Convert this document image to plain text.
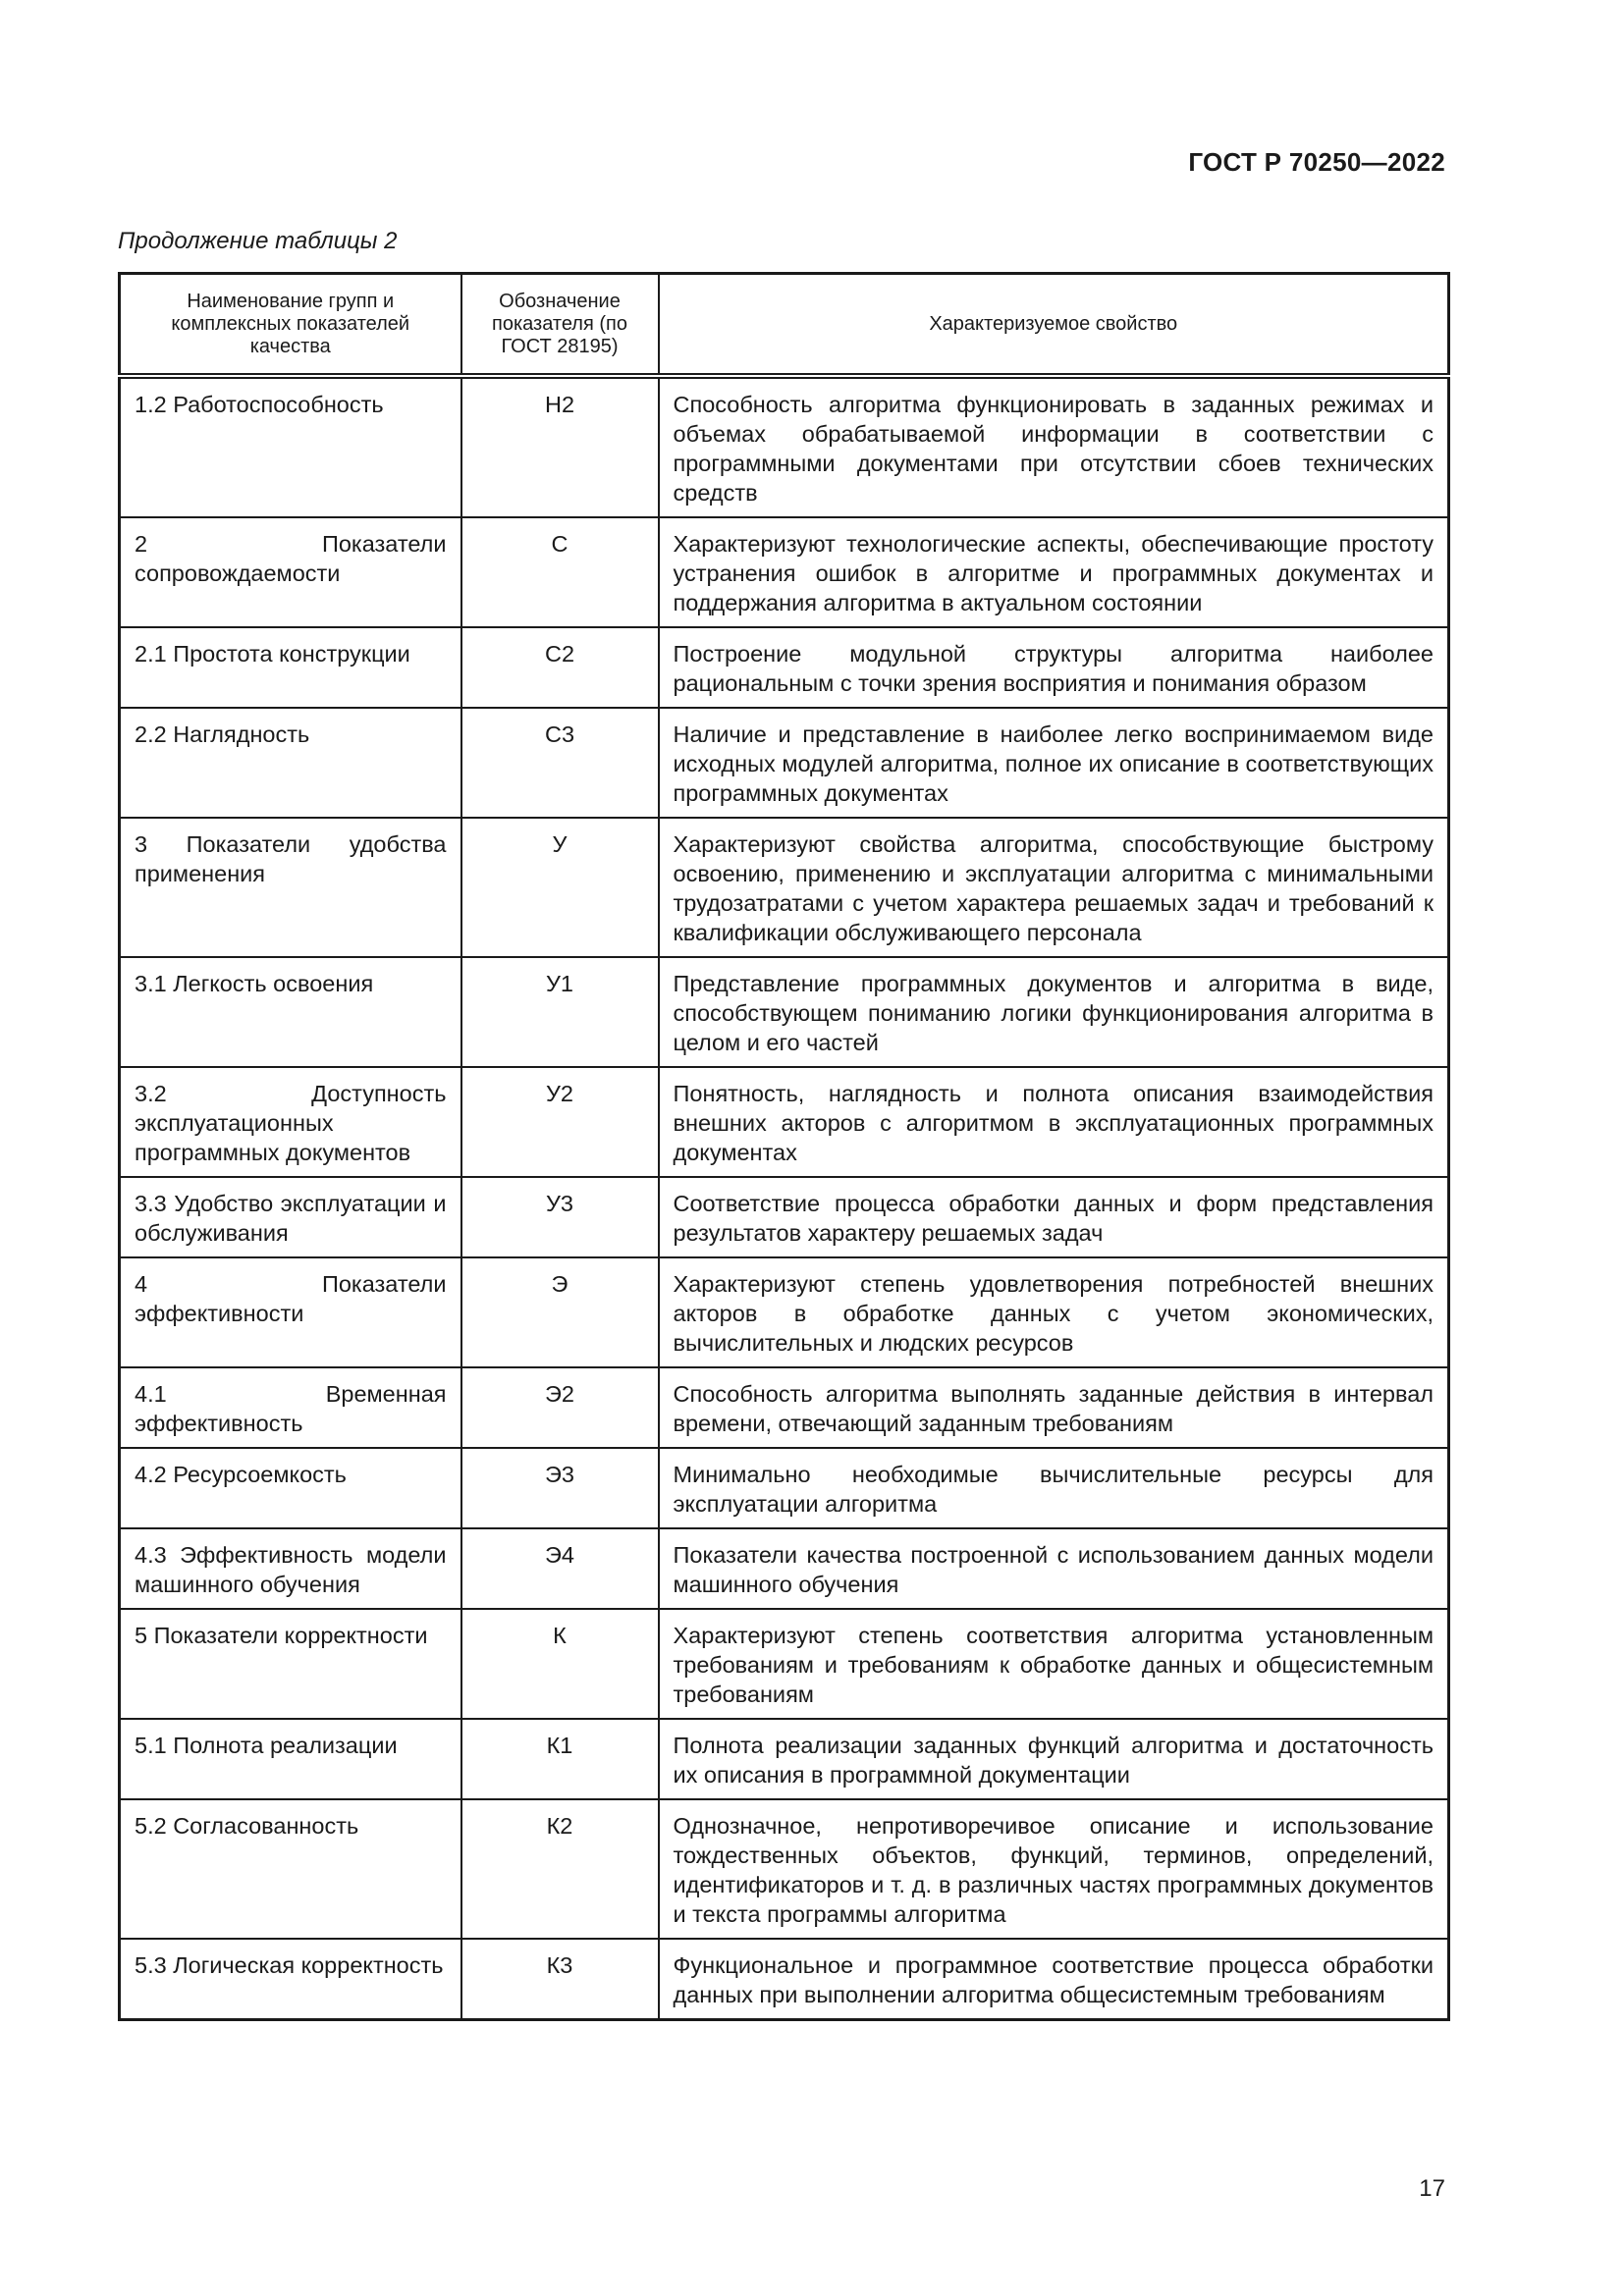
ГОСТ Р 70250—2022
Продолжение таблицы 2
Наименование групп и комплексных показателей качества	Обозначение показателя (по ГОСТ 28195)	Характеризуемое свойство
1.2 Работоспособность	Н2	Способность алгоритма функционировать в заданных режимах и объемах обрабатываемой информации в соответствии с программными документами при отсутствии сбоев технических средств
2 Показатели сопровождаемости	С	Характеризуют технологические аспекты, обеспечивающие простоту устранения ошибок в алгоритме и программных документах и поддержания алгоритма в актуальном состоянии
2.1 Простота конструкции	С2	Построение модульной структуры алгоритма наиболее рациональным с точки зрения восприятия и понимания образом
2.2 Наглядность	С3	Наличие и представление в наиболее легко воспринимаемом виде исходных модулей алгоритма, полное их описание в соответствующих программных документах
3 Показатели удобства применения	У	Характеризуют свойства алгоритма, способствующие быстрому освоению, применению и эксплуатации алгоритма с минимальными трудозатратами с учетом характера решаемых задач и требований к квалификации обслуживающего персонала
3.1 Легкость освоения	У1	Представление программных документов и алгоритма в виде, способствующем пониманию логики функционирования алгоритма в целом и его частей
3.2 Доступность эксплуатационных программных документов	У2	Понятность, наглядность и полнота описания взаимодействия внешних акторов с алгоритмом в эксплуатационных программных документах
3.3 Удобство эксплуатации и обслуживания	У3	Соответствие процесса обработки данных и форм представления результатов характеру решаемых задач
4 Показатели эффективности	Э	Характеризуют степень удовлетворения потребностей внешних акторов в обработке данных с учетом экономических, вычислительных и людских ресурсов
4.1 Временная эффективность	Э2	Способность алгоритма выполнять заданные действия в интервал времени, отвечающий заданным требованиям
4.2 Ресурсоемкость	Э3	Минимально необходимые вычислительные ресурсы для эксплуатации алгоритма
4.3 Эффективность модели машинного обучения	Э4	Показатели качества построенной с использованием данных модели машинного обучения
5 Показатели корректности	К	Характеризуют степень соответствия алгоритма установленным требованиям и требованиям к обработке данных и общесистемным требованиям
5.1 Полнота реализации	К1	Полнота реализации заданных функций алгоритма и достаточность их описания в программной документации
5.2 Согласованность	К2	Однозначное, непротиворечивое описание и использование тождественных объектов, функций, терминов, определений, идентификаторов и т. д. в различных частях программных документов и текста программы алгоритма
5.3 Логическая корректность	К3	Функциональное и программное соответствие процесса обработки данных при выполнении алгоритма общесистемным требованиям
17
